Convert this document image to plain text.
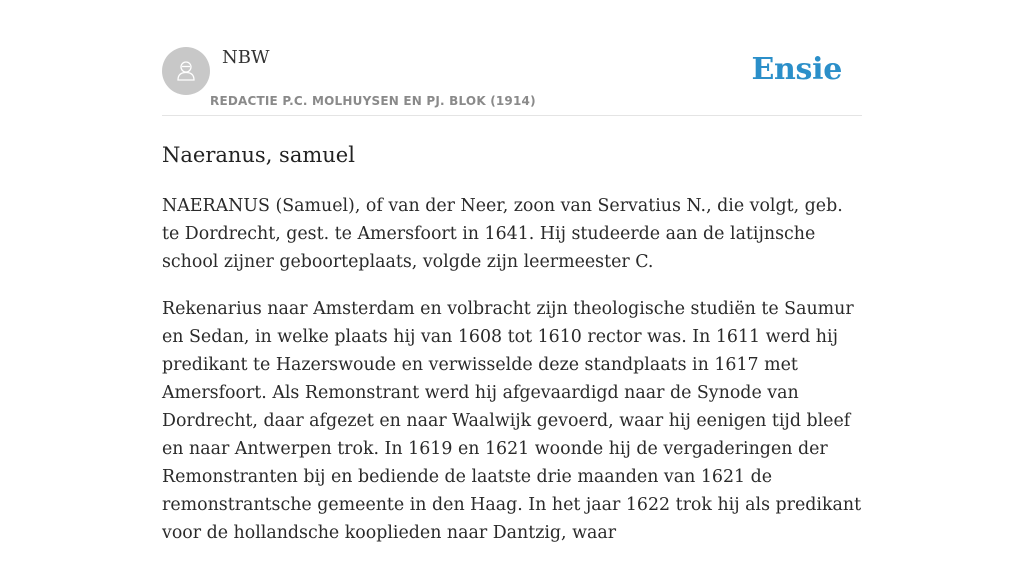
NBW
REDACTIE P.C. MOLHUYSEN EN PJ. BLOK (1914)
Ensie
Naeranus, samuel

NAERANUS (Samuel), of van der Neer, zoon van Servatius N., die volgt, geb. te Dordrecht, gest. te Amersfoort in 1641. Hij studeerde aan de latijnsche school zijner geboorteplaats, volgde zijn leermeester C.

Rekenarius naar Amsterdam en volbracht zijn theologische studiën te Saumur en Sedan, in welke plaats hij van 1608 tot 1610 rector was. In 1611 werd hij predikant te Hazerswoude en verwisselde deze standplaats in 1617 met Amersfoort. Als Remonstrant werd hij afgevaardigd naar de Synode van Dordrecht, daar afgezet en naar Waalwijk gevoerd, waar hij eenigen tijd bleef en naar Antwerpen trok. In 1619 en 1621 woonde hij de vergaderingen der Remonstranten bij en bediende de laatste drie maanden van 1621 de remonstrantsche gemeente in den Haag. In het jaar 1622 trok hij als predikant voor de hollandsche kooplieden naar Dantzig, waar
